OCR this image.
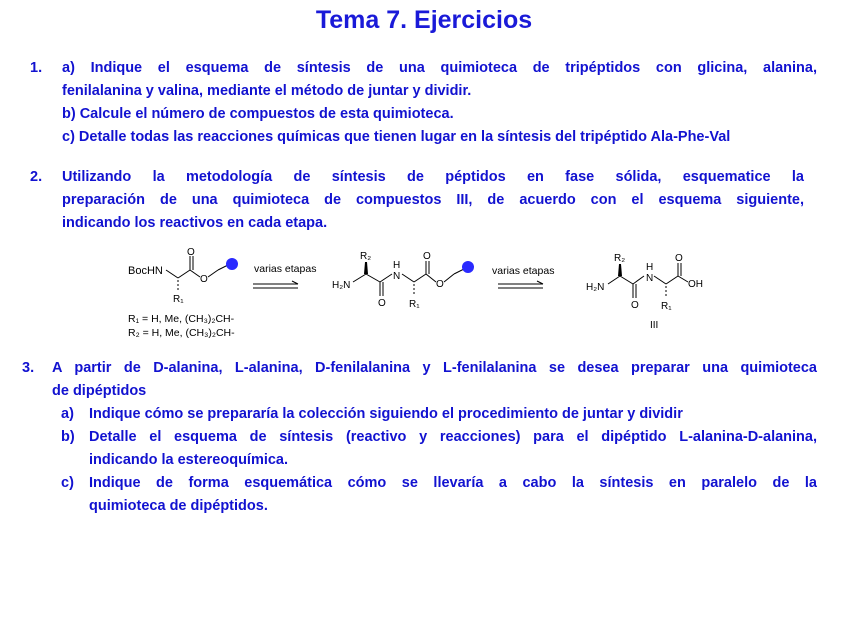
Tema 7. Ejercicios
1. a) Indique el esquema de síntesis de una quimioteca de tripéptidos con glicina, alanina,
fenilalanina y valina, mediante el método de juntar y dividir.
b) Calcule el número de compuestos de esta quimioteca.
c) Detalle todas las reacciones químicas que tienen lugar en la síntesis del tripéptido Ala-Phe-Val
2. Utilizando la metodología de síntesis de péptidos en fase sólida, esquematice la
preparación de una quimioteca de compuestos III, de acuerdo con el esquema siguiente,
indicando los reactivos en cada etapa.
BocHN
O
O
R₁
varias etapas
R₁ = H, Me, (CH₃)₂CH-
R₂ = H, Me, (CH₃)₂CH-
R₂
H₂N
O
H
N
R₁
O
O
varias etapas
R₂
H₂N
O
H
N
R₁
O
OH
III
3. A partir de D-alanina, L-alanina, D-fenilalanina y L-fenilalanina se desea preparar una quimioteca
de dipéptidos
a) Indique cómo se prepararía la colección siguiendo el procedimiento de juntar y dividir
b) Detalle el esquema de síntesis (reactivo y reacciones) para el dipéptido L-alanina-D-alanina,
indicando la estereoquímica.
c) Indique de forma esquemática cómo se llevaría a cabo la síntesis en paralelo de la
quimioteca de dipéptidos.
